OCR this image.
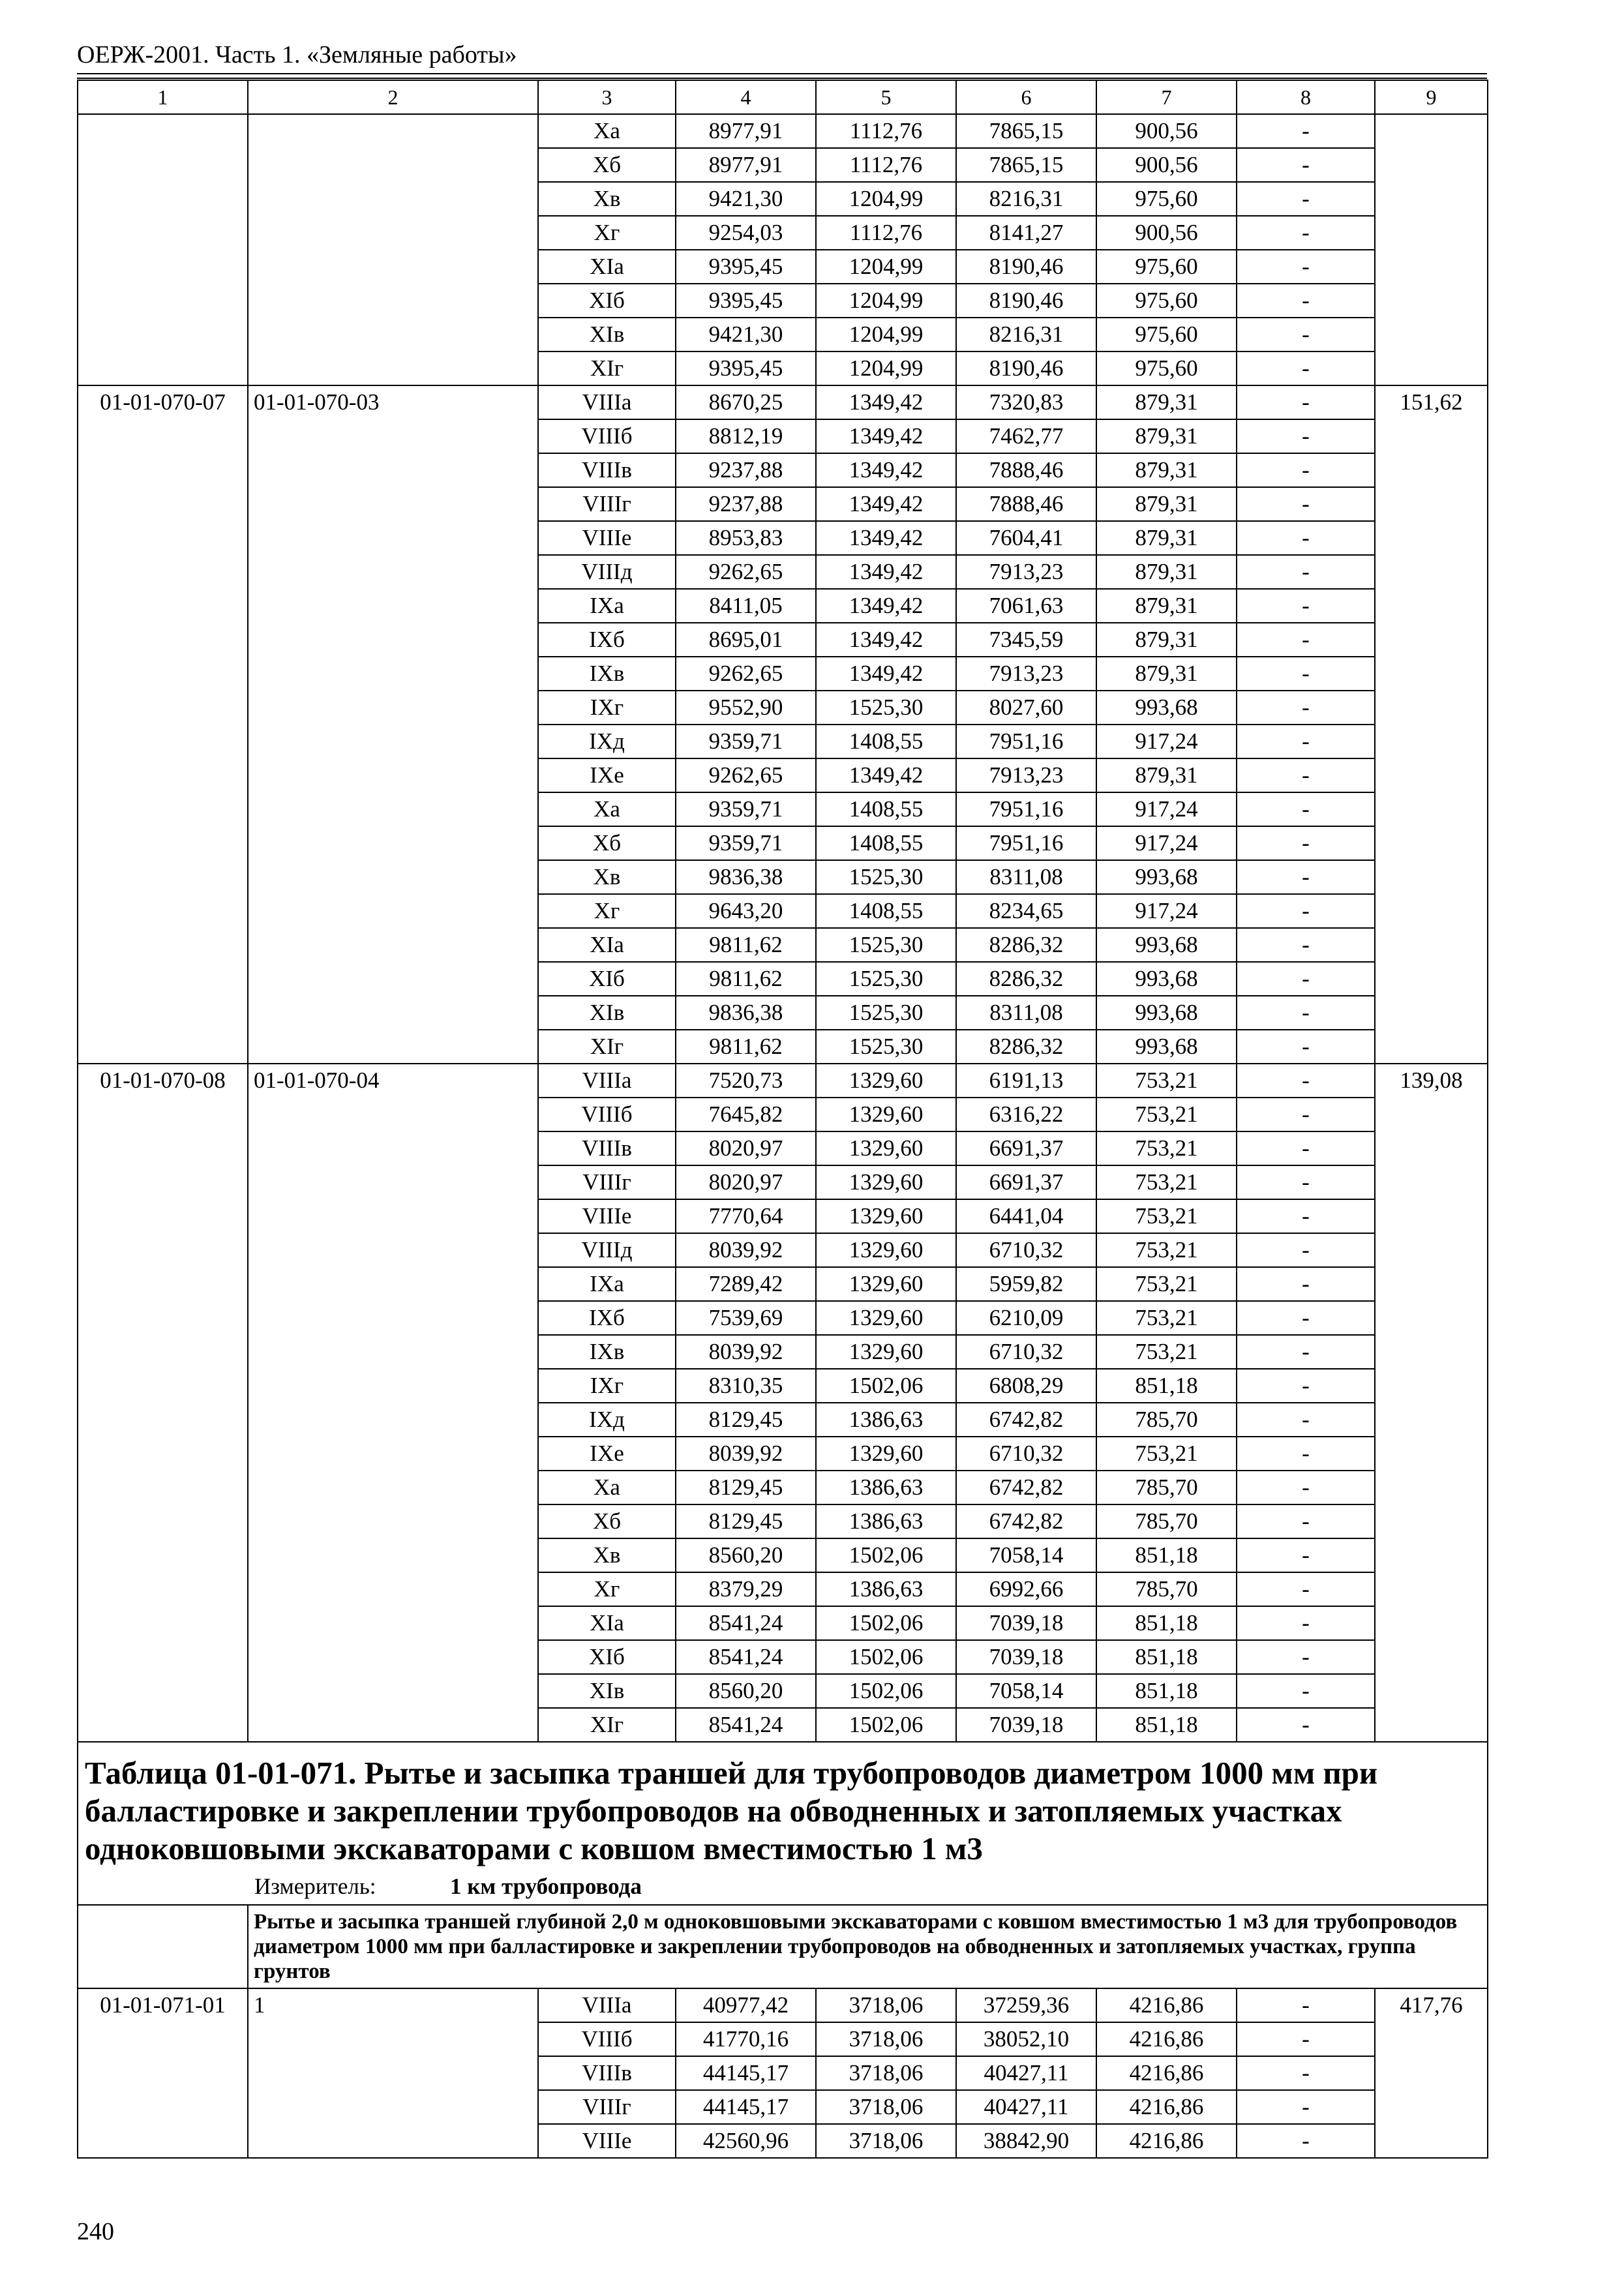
ОЕРЖ-2001. Часть 1. «Земляные работы»
1	2	3	4	5	6	7	8	9
		Xа	8977,91	1112,76	7865,15	900,56	-	
		Xб	8977,91	1112,76	7865,15	900,56	-	
		Xв	9421,30	1204,99	8216,31	975,60	-	
		Xг	9254,03	1112,76	8141,27	900,56	-	
		XIа	9395,45	1204,99	8190,46	975,60	-	
		XIб	9395,45	1204,99	8190,46	975,60	-	
		XIв	9421,30	1204,99	8216,31	975,60	-	
		XIг	9395,45	1204,99	8190,46	975,60	-	
01-01-070-07	01-01-070-03	VIIIа	8670,25	1349,42	7320,83	879,31	-	151,62
		VIIIб	8812,19	1349,42	7462,77	879,31	-	
		VIIIв	9237,88	1349,42	7888,46	879,31	-	
		VIIIг	9237,88	1349,42	7888,46	879,31	-	
		VIIIе	8953,83	1349,42	7604,41	879,31	-	
		VIIIд	9262,65	1349,42	7913,23	879,31	-	
		IXа	8411,05	1349,42	7061,63	879,31	-	
		IXб	8695,01	1349,42	7345,59	879,31	-	
		IXв	9262,65	1349,42	7913,23	879,31	-	
		IXг	9552,90	1525,30	8027,60	993,68	-	
		IXд	9359,71	1408,55	7951,16	917,24	-	
		IXе	9262,65	1349,42	7913,23	879,31	-	
		Xа	9359,71	1408,55	7951,16	917,24	-	
		Xб	9359,71	1408,55	7951,16	917,24	-	
		Xв	9836,38	1525,30	8311,08	993,68	-	
		Xг	9643,20	1408,55	8234,65	917,24	-	
		XIа	9811,62	1525,30	8286,32	993,68	-	
		XIб	9811,62	1525,30	8286,32	993,68	-	
		XIв	9836,38	1525,30	8311,08	993,68	-	
		XIг	9811,62	1525,30	8286,32	993,68	-	
01-01-070-08	01-01-070-04	VIIIа	7520,73	1329,60	6191,13	753,21	-	139,08
		VIIIб	7645,82	1329,60	6316,22	753,21	-	
		VIIIв	8020,97	1329,60	6691,37	753,21	-	
		VIIIг	8020,97	1329,60	6691,37	753,21	-	
		VIIIе	7770,64	1329,60	6441,04	753,21	-	
		VIIIд	8039,92	1329,60	6710,32	753,21	-	
		IXа	7289,42	1329,60	5959,82	753,21	-	
		IXб	7539,69	1329,60	6210,09	753,21	-	
		IXв	8039,92	1329,60	6710,32	753,21	-	
		IXг	8310,35	1502,06	6808,29	851,18	-	
		IXд	8129,45	1386,63	6742,82	785,70	-	
		IXе	8039,92	1329,60	6710,32	753,21	-	
		Xа	8129,45	1386,63	6742,82	785,70	-	
		Xб	8129,45	1386,63	6742,82	785,70	-	
		Xв	8560,20	1502,06	7058,14	851,18	-	
		Xг	8379,29	1386,63	6992,66	785,70	-	
		XIа	8541,24	1502,06	7039,18	851,18	-	
		XIб	8541,24	1502,06	7039,18	851,18	-	
		XIв	8560,20	1502,06	7058,14	851,18	-	
		XIг	8541,24	1502,06	7039,18	851,18	-	

Таблица 01-01-071. Рытье и засыпка траншей для трубопроводов диаметром 1000 мм при балластировке и закреплении трубопроводов на обводненных и затопляемых участках одноковшовыми экскаваторами с ковшом вместимостью 1 м3

Измеритель: 1 км трубопровода								

	Рытье и засыпка траншей глубиной 2,0 м одноковшовыми экскаваторами с ковшом вместимостью 1 м3 для трубопроводов диаметром 1000 мм при балластировке и закреплении трубопроводов на обводненных и затопляемых участках, группа грунтов							
01-01-071-01	1	VIIIа	40977,42	3718,06	37259,36	4216,86	-	417,76
		VIIIб	41770,16	3718,06	38052,10	4216,86	-	
		VIIIв	44145,17	3718,06	40427,11	4216,86	-	
		VIIIг	44145,17	3718,06	40427,11	4216,86	-	
		VIIIе	42560,96	3718,06	38842,90	4216,86	-	
240
